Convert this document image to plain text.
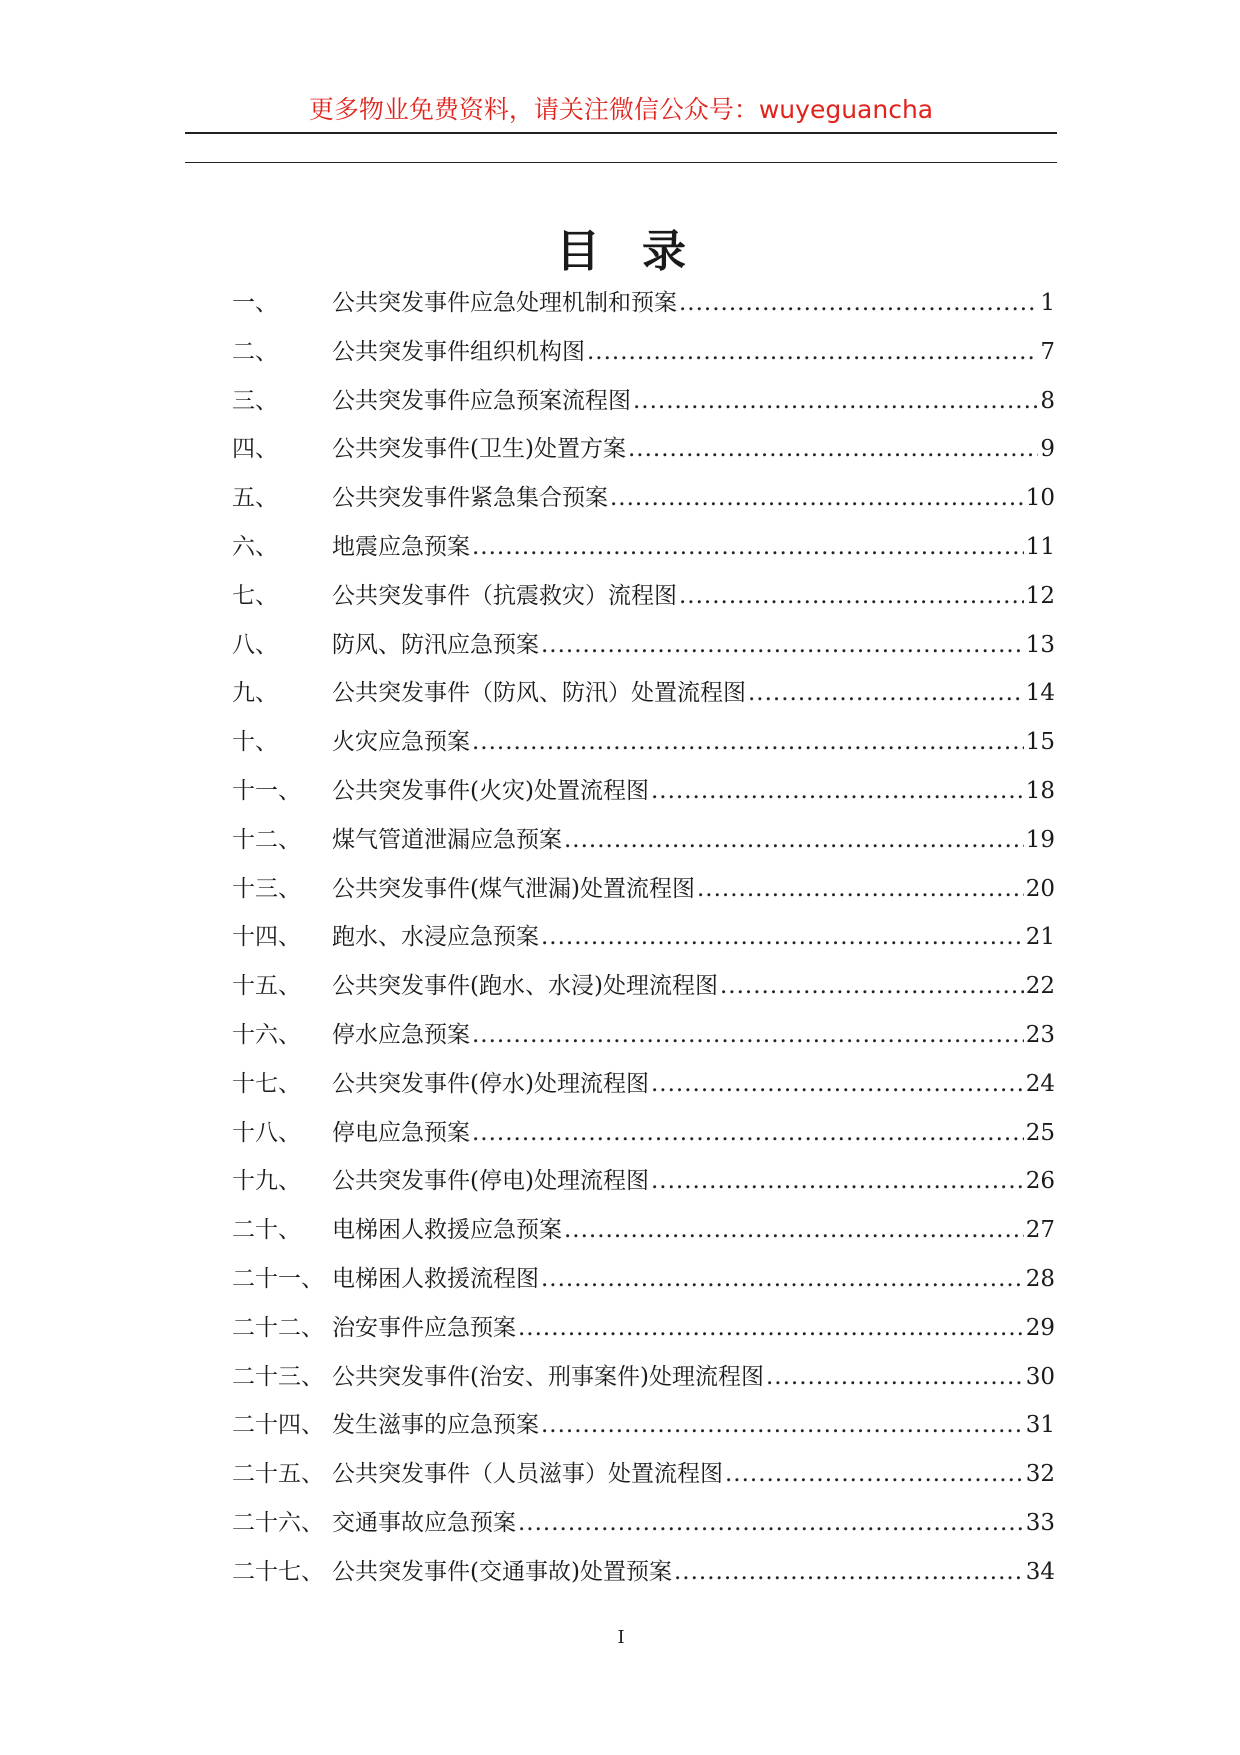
更多物业免费资料，请关注微信公众号：wuyeguancha
目录
一、	公共突发事件应急处理机制和预案 .....	1
二、	公共突发事件组织机构图 .....	7
三、	公共突发事件应急预案流程图 .....	8
四、	公共突发事件(卫生)处置方案 .....	9
五、	公共突发事件紧急集合预案 .....	10
六、	地震应急预案 .....	11
七、	公共突发事件（抗震救灾）流程图 .....	12
八、	防风、防汛应急预案 .....	13
九、	公共突发事件（防风、防汛）处置流程图 .....	14
十、	火灾应急预案 .....	15
十一、	公共突发事件(火灾)处置流程图 .....	18
十二、	煤气管道泄漏应急预案 .....	19
十三、	公共突发事件(煤气泄漏)处置流程图 .....	20
十四、	跑水、水浸应急预案 .....	21
十五、	公共突发事件(跑水、水浸)处理流程图 .....	22
十六、	停水应急预案 .....	23
十七、	公共突发事件(停水)处理流程图 .....	24
十八、	停电应急预案 .....	25
十九、	公共突发事件(停电)处理流程图 .....	26
二十、	电梯困人救援应急预案 .....	27
二十一、 电梯困人救援流程图 .....	28
二十二、 治安事件应急预案 .....	29
二十三、 公共突发事件(治安、刑事案件)处理流程图 .....	30
二十四、 发生滋事的应急预案 .....	31
二十五、 公共突发事件（人员滋事）处置流程图 .....	32
二十六、 交通事故应急预案 .....	33
二十七、 公共突发事件(交通事故)处置预案 .....	34
I
